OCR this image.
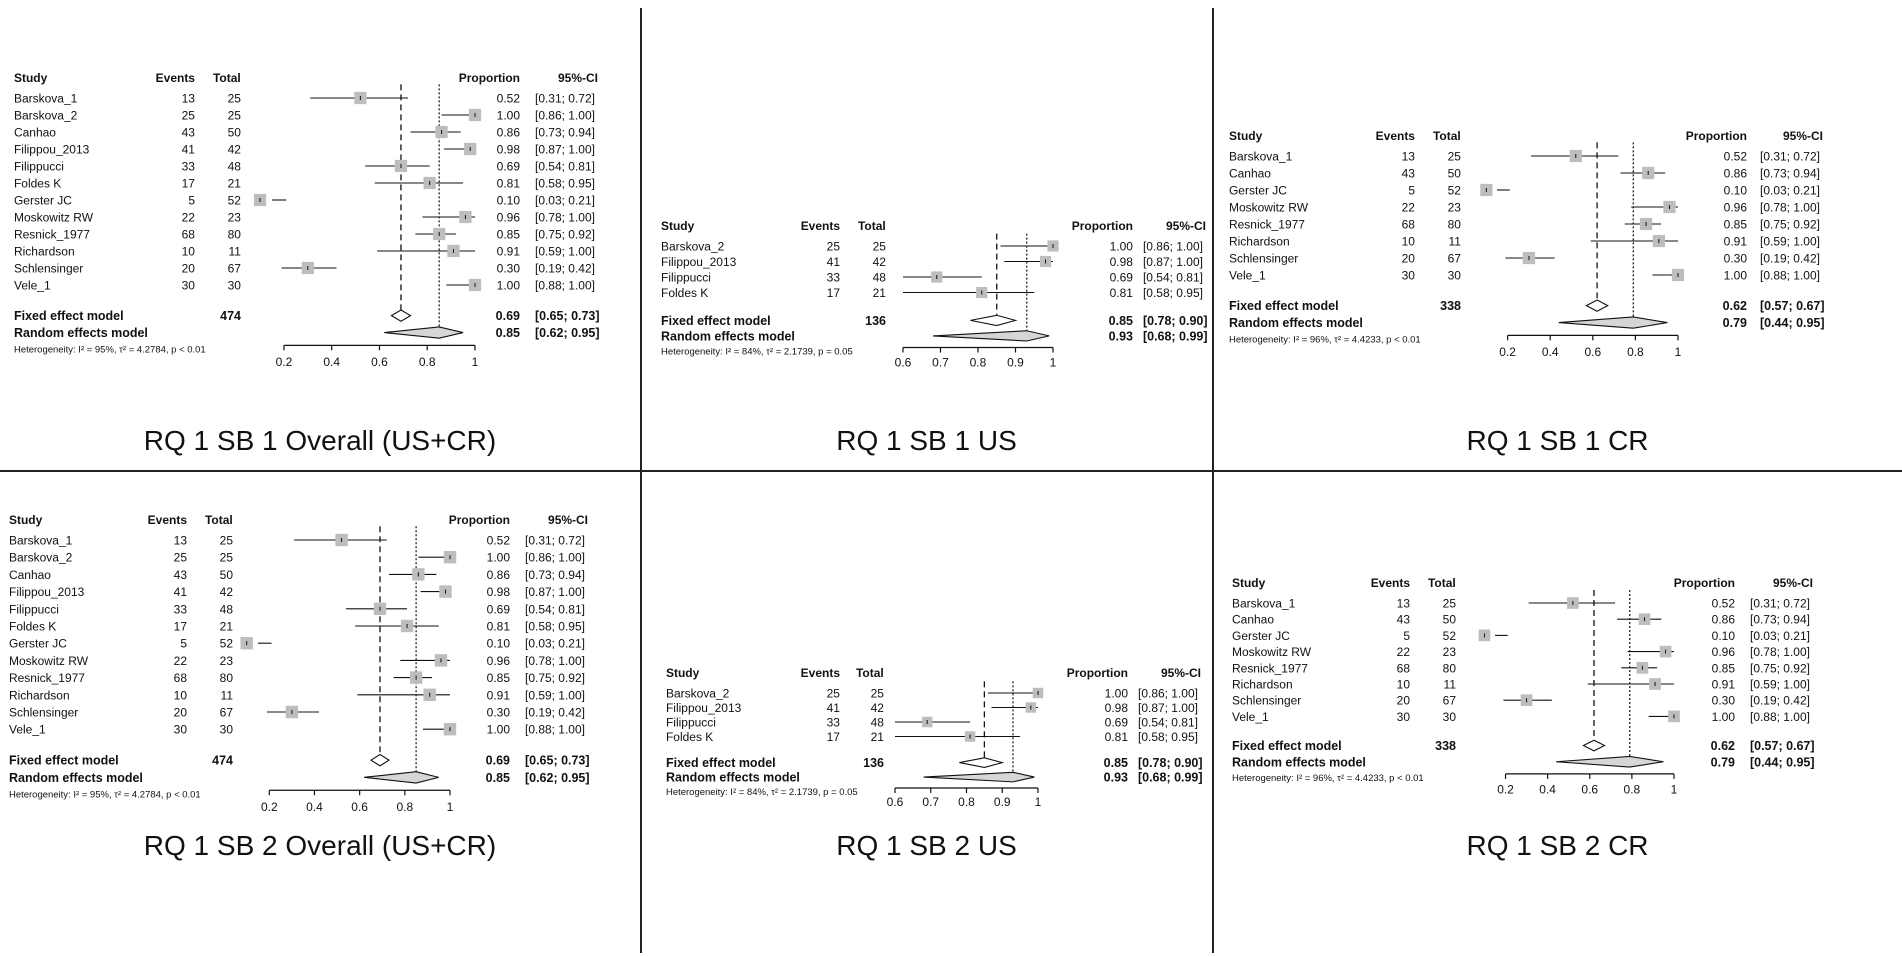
Study	Events Total	Proportion	95%-CI
Barskova_1	13	25	0.52 [0.31; 0.72]
Barskova_2	25	25	1.00 [0.86; 1.00]
Canhao	43	50	0.86 [0.73; 0.94]
Filippou_2013	41	42	0.98 [0.87; 1.00]
Filippucci	33	48	0.69 [0.54; 0.81]
Foldes K	17	21	0.81 [0.58; 0.95]
Gerster JC	5	52	0.10 [0.03; 0.21]
Moskowitz RW	22	23	0.96 [0.78; 1.00]
Resnick_1977	68	80	0.85 [0.75; 0.92]
Richardson	10	11	0.91 [0.59; 1.00]
Schlensinger	20	67	0.30 [0.19; 0.42]
Vele_1	30	30	1.00 [0.88; 1.00]
Fixed effect model	474	0.69 [0.65; 0.73]
Random effects model	0.85 [0.62; 0.95]
Heterogeneity: I² = 95%, τ² = 4.2784, p < 0.01
0.2	0.4	0.6	0.8	1
RQ 1 SB 1 Overall (US+CR)
Study	Events Total	Proportion	95%-CI
Barskova_2	25	25	1.00 [0.86; 1.00]
Filippou_2013	41	42	0.98 [0.87; 1.00]
Filippucci	33	48	0.69 [0.54; 0.81]
Foldes K	17	21	0.81 [0.58; 0.95]
Fixed effect model	136	0.85 [0.78; 0.90]
Random effects model	0.93 [0.68; 0.99]
Heterogeneity: I² = 84%, τ² = 2.1739, p = 0.05
0.6 0.7 0.8 0.9 1
RQ 1 SB 1 US
Study	Events Total	Proportion	95%-CI
Barskova_1	13	25	0.52 [0.31; 0.72]
Canhao	43	50	0.86 [0.73; 0.94]
Gerster JC	5	52	0.10 [0.03; 0.21]
Moskowitz RW	22	23	0.96 [0.78; 1.00]
Resnick_1977	68	80	0.85 [0.75; 0.92]
Richardson	10	11	0.91 [0.59; 1.00]
Schlensinger	20	67	0.30 [0.19; 0.42]
Vele_1	30	30	1.00 [0.88; 1.00]
Fixed effect model	338	0.62 [0.57; 0.67]
Random effects model	0.79 [0.44; 0.95]
Heterogeneity: I² = 96%, τ² = 4.4233, p < 0.01
0.2 0.4 0.6 0.8	1
RQ 1 SB 1 CR
Study	Events Total	Proportion	95%-CI
Barskova_1	13	25	0.52 [0.31; 0.72]
Barskova_2	25	25	1.00 [0.86; 1.00]
Canhao	43	50	0.86 [0.73; 0.94]
Filippou_2013	41	42	0.98 [0.87; 1.00]
Filippucci	33	48	0.69 [0.54; 0.81]
Foldes K	17	21	0.81 [0.58; 0.95]
Gerster JC	5	52	0.10 [0.03; 0.21]
Moskowitz RW	22	23	0.96 [0.78; 1.00]
Resnick_1977	68	80	0.85 [0.75; 0.92]
Richardson	10	11	0.91 [0.59; 1.00]
Schlensinger	20	67	0.30 [0.19; 0.42]
Vele_1	30	30	1.00 [0.88; 1.00]
Fixed effect model	474	0.69 [0.65; 0.73]
Random effects model	0.85 [0.62; 0.95]
Heterogeneity: I² = 95%, τ² = 4.2784, p < 0.01
0.2 0.4 0.6 0.8	1
RQ 1 SB 2 Overall (US+CR)
Study	Events Total	Proportion	95%-CI
Barskova_2	25	25	1.00 [0.86; 1.00]
Filippou_2013	41	42	0.98 [0.87; 1.00]
Filippucci	33	48	0.69 [0.54; 0.81]
Foldes K	17	21	0.81 [0.58; 0.95]
Fixed effect model	136	0.85 [0.78; 0.90]
Random effects model	0.93 [0.68; 0.99]
Heterogeneity: I² = 84%, τ² = 2.1739, p = 0.05
0.6 0.7 0.8 0.9 1
RQ 1 SB 2 US
Study	Events Total	Proportion	95%-CI
Barskova_1	13	25	0.52 [0.31; 0.72]
Canhao	43	50	0.86 [0.73; 0.94]
Gerster JC	5	52	0.10 [0.03; 0.21]
Moskowitz RW	22	23	0.96 [0.78; 1.00]
Resnick_1977	68	80	0.85 [0.75; 0.92]
Richardson	10	11	0.91 [0.59; 1.00]
Schlensinger	20	67	0.30 [0.19; 0.42]
Vele_1	30	30	1.00 [0.88; 1.00]
Fixed effect model	338	0.62 [0.57; 0.67]
Random effects model	0.79 [0.44; 0.95]
Heterogeneity: I² = 96%, τ² = 4.4233, p < 0.01
0.2 0.4 0.6 0.8	1
RQ 1 SB 2 CR
